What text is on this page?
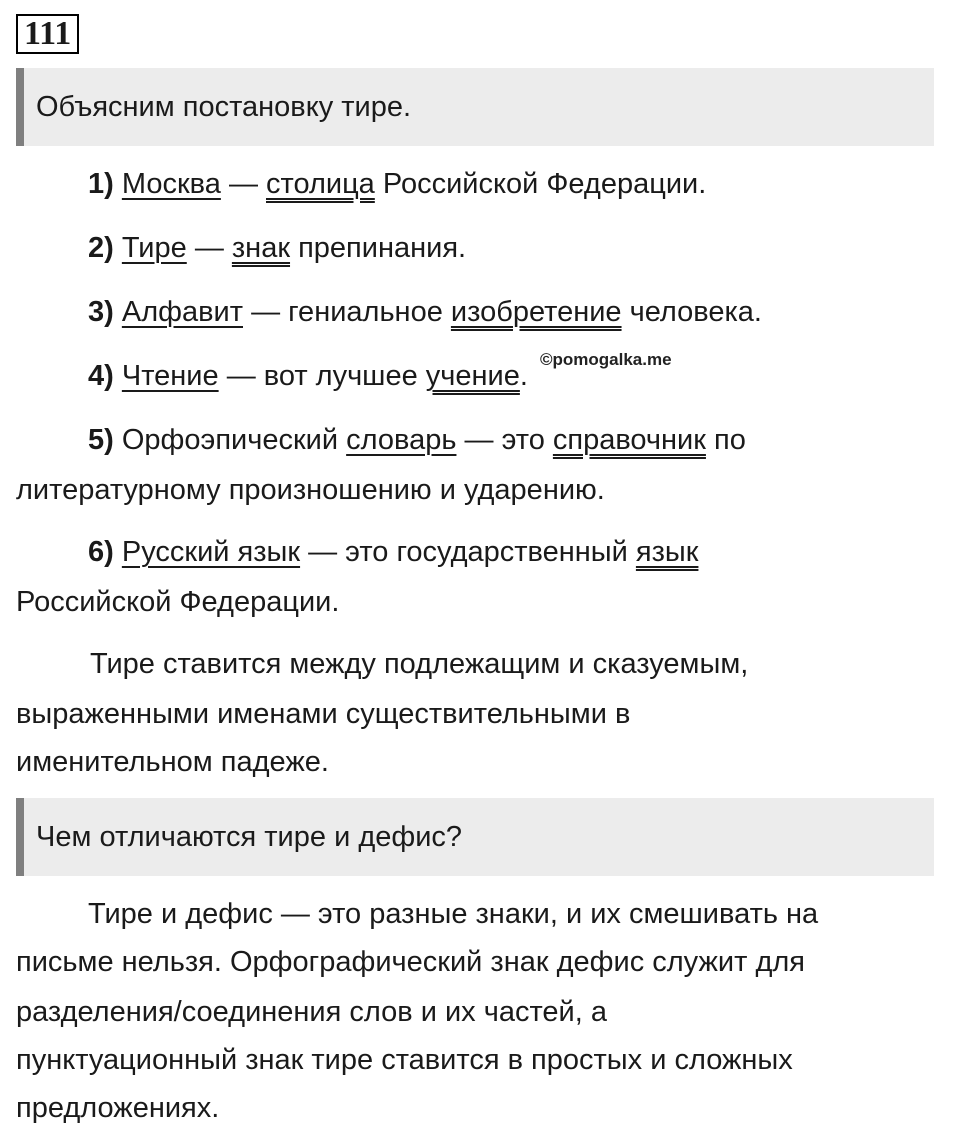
111
Объясним постановку тире.
1) Москва — столица Российской Федерации.
2) Тире — знак препинания.
3) Алфавит — гениальное изобретение человека.
©pomogalka.me
4) Чтение — вот лучшее учение.
5) Орфоэпический словарь — это справочник по
литературному произношению и ударению.
6) Русский язык — это государственный язык
Российской Федерации.
Тире ставится между подлежащим и сказуемым,
выраженными именами существительными в
именительном падеже.
Чем отличаются тире и дефис?
Тире и дефис — это разные знаки, и их смешивать на
письме нельзя. Орфографический знак дефис служит для
разделения/соединения слов и их частей, а
пунктуационный знак тире ставится в простых и сложных
предложениях.
